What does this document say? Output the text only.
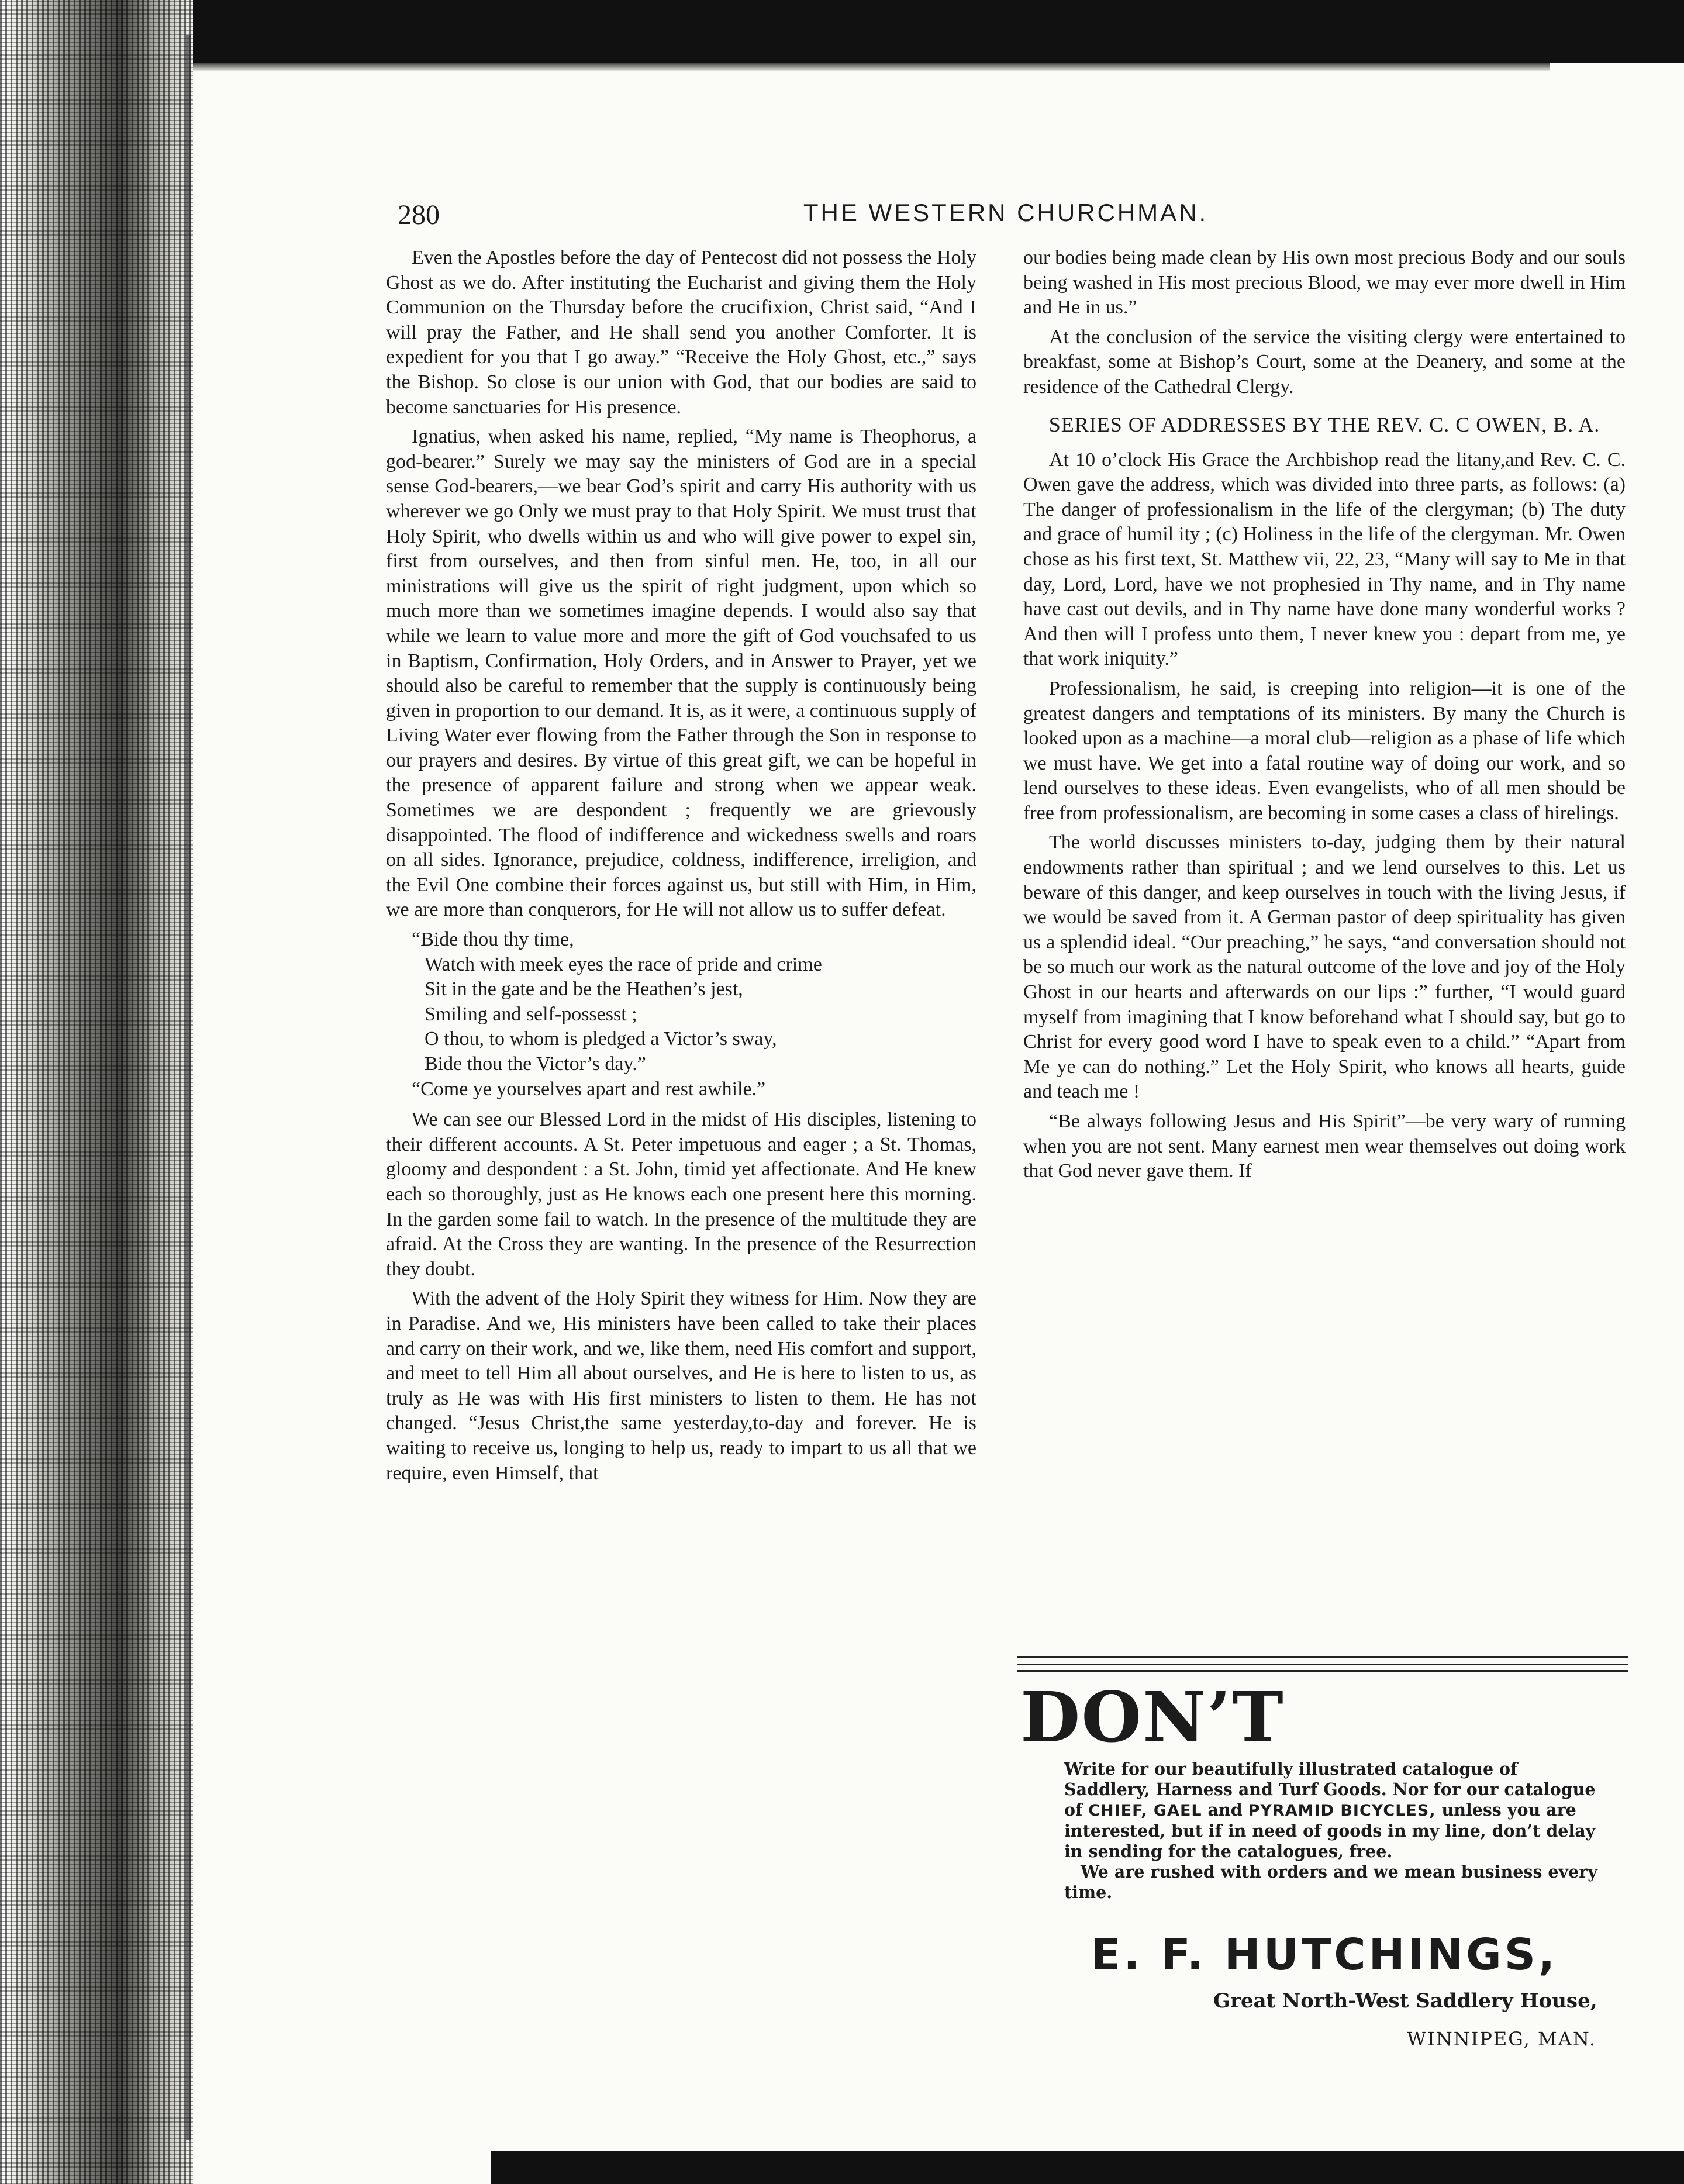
280	THE WESTERN CHURCHMAN.

Even the Apostles before the day of Pentecost did not possess the Holy Ghost as we do. After instituting the Eucharist and giving them the Holy Communion on the Thursday before the crucifixion, Christ said, “And I will pray the Father, and He shall send you another Comforter. It is expedient for you that I go away.” “Receive the Holy Ghost, etc.,” says the Bishop. So close is our union with God, that our bodies are said to become sanctuaries for His presence.

Ignatius, when asked his name, replied, “My name is Theophorus, a god-bearer.” Surely we may say the ministers of God are in a special sense God-bearers,—we bear God’s spirit and carry His authority with us wherever we go Only we must pray to that Holy Spirit. We must trust that Holy Spirit, who dwells within us and who will give power to expel sin, first from ourselves, and then from sinful men. He, too, in all our ministrations will give us the spirit of right judgment, upon which so much more than we sometimes imagine depends. I would also say that while we learn to value more and more the gift of God vouchsafed to us in Baptism, Confirmation, Holy Orders, and in Answer to Prayer, yet we should also be careful to remember that the supply is continuously being given in proportion to our demand. It is, as it were, a continuous supply of Living Water ever flowing from the Father through the Son in response to our prayers and desires. By virtue of this great gift, we can be hopeful in the presence of apparent failure and strong when we appear weak. Sometimes we are despondent ; frequently we are grievously disappointed. The flood of indifference and wickedness swells and roars on all sides. Ignorance, prejudice, coldness, indifference, irreligion, and the Evil One combine their forces against us, but still with Him, in Him, we are more than conquerors, for He will not allow us to suffer defeat.

“Bide thou thy time,
Watch with meek eyes the race of pride and crime
Sit in the gate and be the Heathen’s jest,
Smiling and self-possesst ;
O thou, to whom is pledged a Victor’s sway,
Bide thou the Victor’s day.”
“Come ye yourselves apart and rest awhile.”

We can see our Blessed Lord in the midst of His disciples, listening to their different accounts. A St. Peter impetuous and eager ; a St. Thomas, gloomy and despondent : a St. John, timid yet affectionate. And He knew each so thoroughly, just as He knows each one present here this morning. In the garden some fail to watch. In the presence of the multitude they are afraid. At the Cross they are wanting. In the presence of the Resurrection they doubt.

With the advent of the Holy Spirit they witness for Him. Now they are in Paradise. And we, His ministers have been called to take their places and carry on their work, and we, like them, need His comfort and support, and meet to tell Him all about ourselves, and He is here to listen to us, as truly as He was with His first ministers to listen to them. He has not changed. “Jesus Christ,the same yesterday,to-day and forever. He is waiting to receive us, longing to help us, ready to impart to us all that we require, even Himself, that

our bodies being made clean by His own most precious Body and our souls being washed in His most precious Blood, we may ever more dwell in Him and He in us.”

At the conclusion of the service the visiting clergy were entertained to breakfast, some at Bishop’s Court, some at the Deanery, and some at the residence of the Cathedral Clergy.

SERIES OF ADDRESSES BY THE REV. C. C OWEN, B. A.

At 10 o’clock His Grace the Archbishop read the litany,and Rev. C. C. Owen gave the address, which was divided into three parts, as follows: (a) The danger of professionalism in the life of the clergyman; (b) The duty and grace of humil ity ; (c) Holiness in the life of the clergyman. Mr. Owen chose as his first text, St. Matthew vii, 22, 23, “Many will say to Me in that day, Lord, Lord, have we not prophesied in Thy name, and in Thy name have cast out devils, and in Thy name have done many wonderful works ? And then will I profess unto them, I never knew you : depart from me, ye that work iniquity.”

Professionalism, he said, is creeping into religion—it is one of the greatest dangers and temptations of its ministers. By many the Church is looked upon as a machine—a moral club—religion as a phase of life which we must have. We get into a fatal routine way of doing our work, and so lend ourselves to these ideas. Even evangelists, who of all men should be free from professionalism, are becoming in some cases a class of hirelings.

The world discusses ministers to-day, judging them by their natural endowments rather than spiritual ; and we lend ourselves to this. Let us beware of this danger, and keep ourselves in touch with the living Jesus, if we would be saved from it. A German pastor of deep spirituality has given us a splendid ideal. “Our preaching,” he says, “and conversation should not be so much our work as the natural outcome of the love and joy of the Holy Ghost in our hearts and afterwards on our lips :” further, “I would guard myself from imagining that I know beforehand what I should say, but go to Christ for every good word I have to speak even to a child.” “Apart from Me ye can do nothing.” Let the Holy Spirit, who knows all hearts, guide and teach me !

“Be always following Jesus and His Spirit”—be very wary of running when you are not sent. Many earnest men wear themselves out doing work that God never gave them. If

DON’T

Write for our beautifully illustrated catalogue of Saddlery, Harness and Turf Goods. Nor for our catalogue of CHIEF, GAEL and PYRAMID BICYCLES, unless you are interested, but if in need of goods in my line, don’t delay in sending for the catalogues, free.

We are rushed with orders and we mean business every time.

E. F. HUTCHINGS,
Great North-West Saddlery House,
WINNIPEG, MAN.
